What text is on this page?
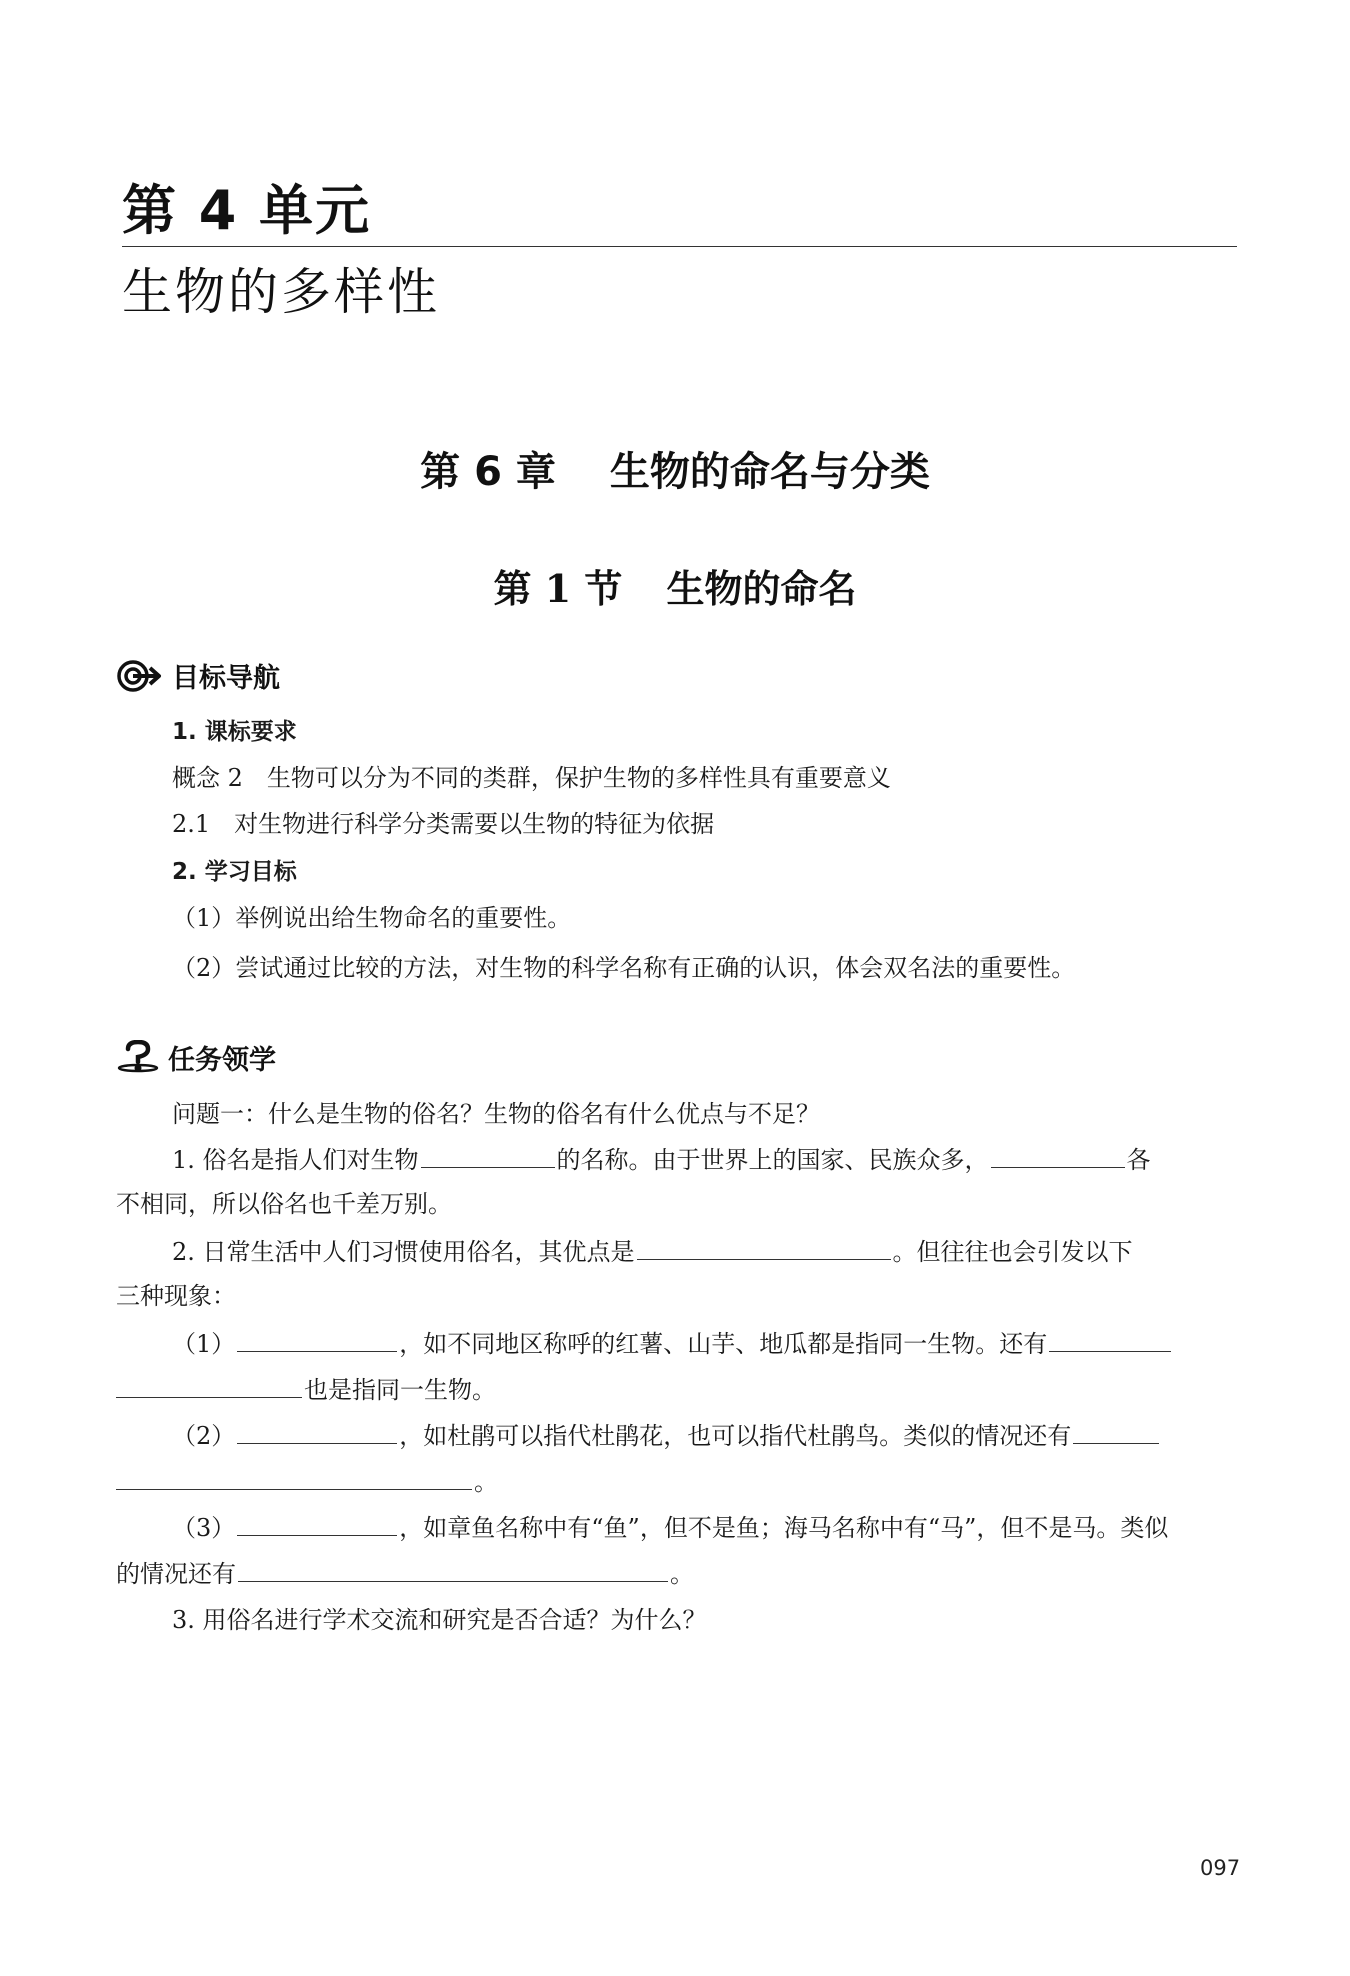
第 4 单元
生物的多样性
第 6 章 生物的命名与分类
第 1 节 生物的命名
目标导航
1. 课标要求
概念 2　生物可以分为不同的类群，保护生物的多样性具有重要意义
2.1　对生物进行科学分类需要以生物的特征为依据
2. 学习目标
（1）举例说出给生物命名的重要性。
（2）尝试通过比较的方法，对生物的科学名称有正确的认识，体会双名法的重要性。
任务领学
问题一：什么是生物的俗名？生物的俗名有什么优点与不足？
1. 俗名是指人们对生物	的名称。由于世界上的国家、民族众多，	各
不相同，所以俗名也千差万别。
2. 日常生活中人们习惯使用俗名，其优点是	。但往往也会引发以下
三种现象：
（1）	，如不同地区称呼的红薯、山芋、地瓜都是指同一生物。还有
也是指同一生物。
（2）	，如杜鹃可以指代杜鹃花，也可以指代杜鹃鸟。类似的情况还有
。
（3）	，如章鱼名称中有“鱼”，但不是鱼；海马名称中有“马”，但不是马。类似
的情况还有	。
3. 用俗名进行学术交流和研究是否合适？为什么？
097
